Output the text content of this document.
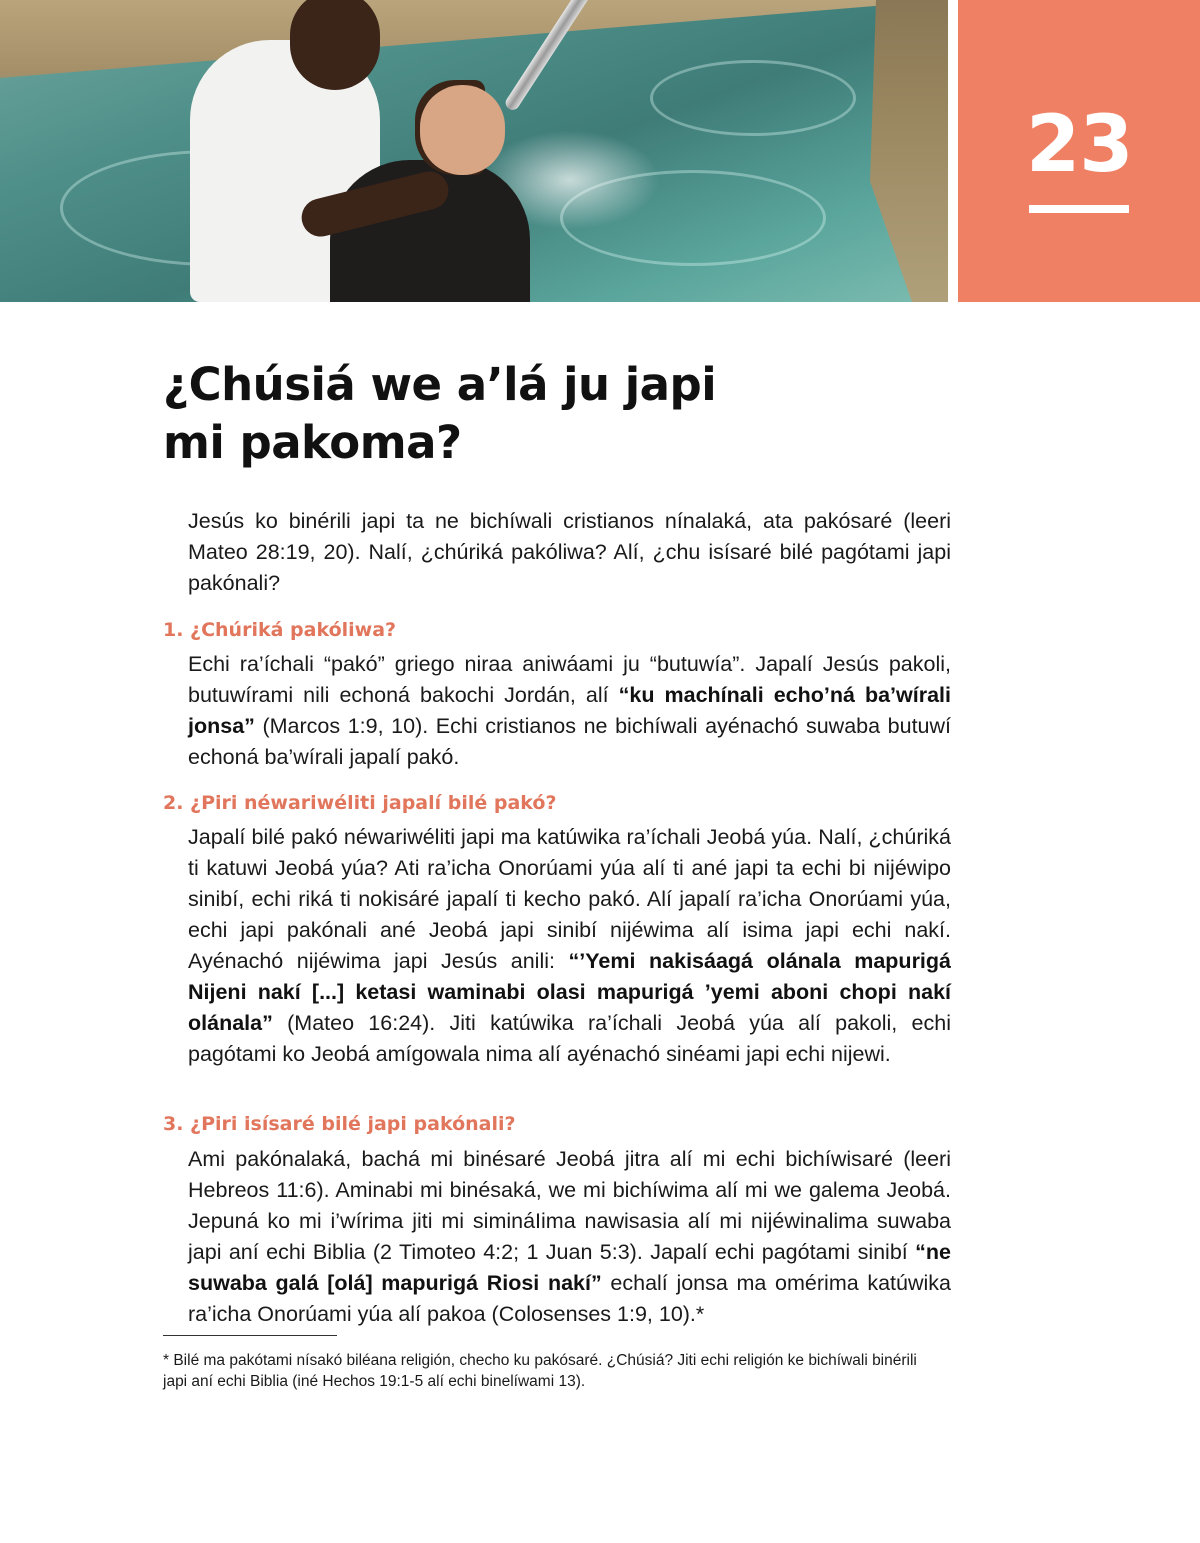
23
¿Chúsiá we a’lá ju japi
mi pakoma?

Jesús ko binérili japi ta ne bichíwali cristianos nínalaká, ata pakósaré (leeri Mateo 28:19, 20). Nalí, ¿chúriká pakóliwa? Alí, ¿chu isísaré bilé pagótami japi pakónali?

1. ¿Chúriká pakóliwa?

Echi ra’íchali “pakó” griego niraa aniwáami ju “butuwía”. Japalí Jesús pakoli, butuwírami nili echoná bakochi Jordán, alí “ku machínali echo’ná ba’wírali jonsa” (Marcos 1:9, 10). Echi cristianos ne bichíwali ayénachó suwaba butuwí echoná ba’wírali japalí pakó.

2. ¿Piri néwariwéliti japalí bilé pakó?

Japalí bilé pakó néwariwéliti japi ma katúwika ra’íchali Jeobá yúa. Nalí, ¿chúriká ti katuwi Jeobá yúa? Ati ra’icha Onorúami yúa alí ti ané japi ta echi bi nijéwipo sinibí, echi riká ti nokisáré japalí ti kecho pakó. Alí japalí ra’icha Onorúami yúa, echi japi pakónali ané Jeobá japi sinibí nijéwima alí isima japi echi nakí. Ayénachó nijéwima japi Jesús anili: “’Yemi nakisáagá olánala mapurigá Nijeni nakí [...] ketasi waminabi olasi mapurigá ’yemi aboni chopi nakí olánala” (Mateo 16:24). Jiti katúwika ra’íchali Jeobá yúa alí pakoli, echi pagótami ko Jeobá amígowala nima alí ayénachó sinéami japi echi nijewi.

3. ¿Piri isísaré bilé japi pakónali?

Ami pakónalaká, bachá mi binésaré Jeobá jitra alí mi echi bichíwisaré (leeri Hebreos 11:6). Aminabi mi binésaká, we mi bichíwima alí mi we galema Jeobá. Jepuná ko mi i’wírima jiti mi simináIima nawisasia alí mi nijéwinalima suwaba japi aní echi Biblia (2 Timoteo 4:2; 1 Juan 5:3). Japalí echi pagótami sinibí “ne suwaba galá [olá] mapurigá Riosi nakí” echalí jonsa ma omérima katúwika ra’icha Onorúami yúa alí pakoa (Colosenses 1:9, 10).*

* Bilé ma pakótami nísakó biléana religión, checho ku pakósaré. ¿Chúsiá? Jiti echi religión ke bichíwali binérili japi aní echi Biblia (iné Hechos 19:1-5 alí echi binelíwami 13).
